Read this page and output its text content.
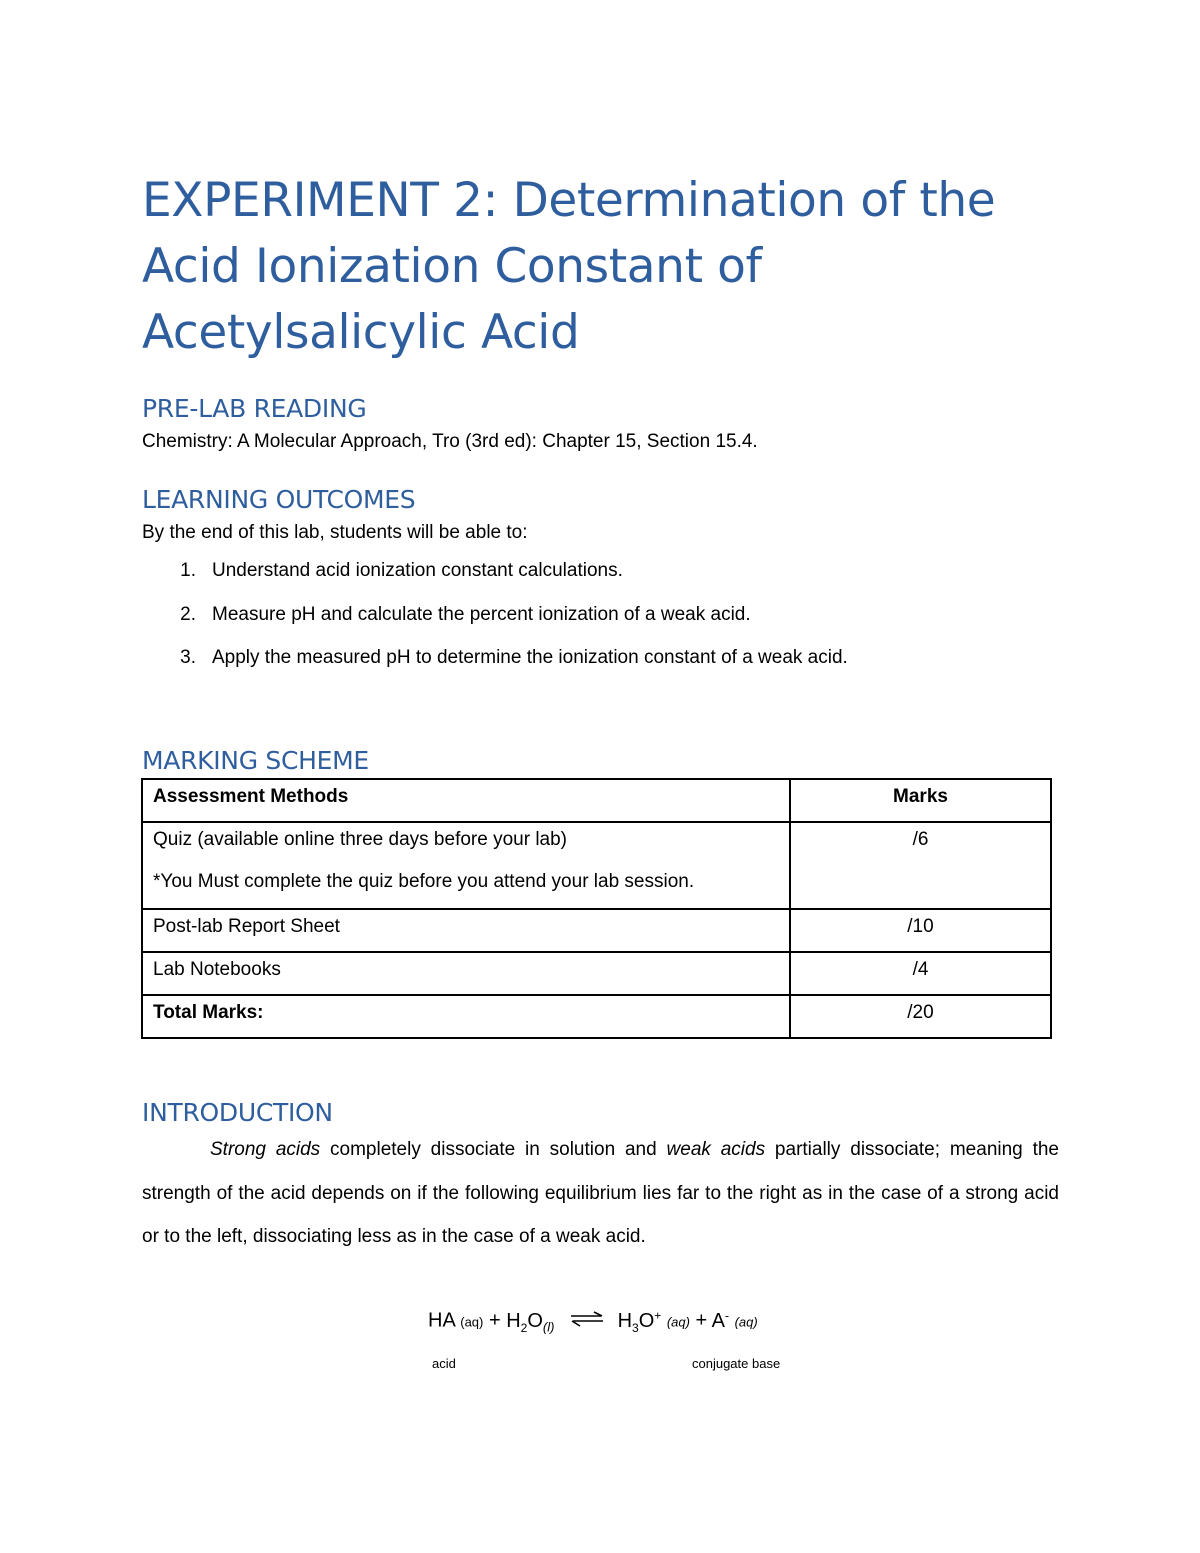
EXPERIMENT 2: Determination of the Acid Ionization Constant of Acetylsalicylic Acid
PRE-LAB READING
Chemistry: A Molecular Approach, Tro (3rd ed): Chapter 15, Section 15.4.
LEARNING OUTCOMES
By the end of this lab, students will be able to:
1. Understand acid ionization constant calculations.
2. Measure pH and calculate the percent ionization of a weak acid.
3. Apply the measured pH to determine the ionization constant of a weak acid.
MARKING SCHEME
Assessment Methods	Marks
Quiz (available online three days before your lab)
*You Must complete the quiz before you attend your lab session.	/6
Post-lab Report Sheet	/10
Lab Notebooks	/4
Total Marks:	/20
INTRODUCTION

Strong acids completely dissociate in solution and weak acids partially dissociate; meaning the strength of the acid depends on if the following equilibrium lies far to the right as in the case of a strong acid or to the left, dissociating less as in the case of a weak acid.

HA $(aq) + H_2O_{(l)}$ ⇌ $H_3O^+$ (aq) + A- (aq)
acid	conjugate base
